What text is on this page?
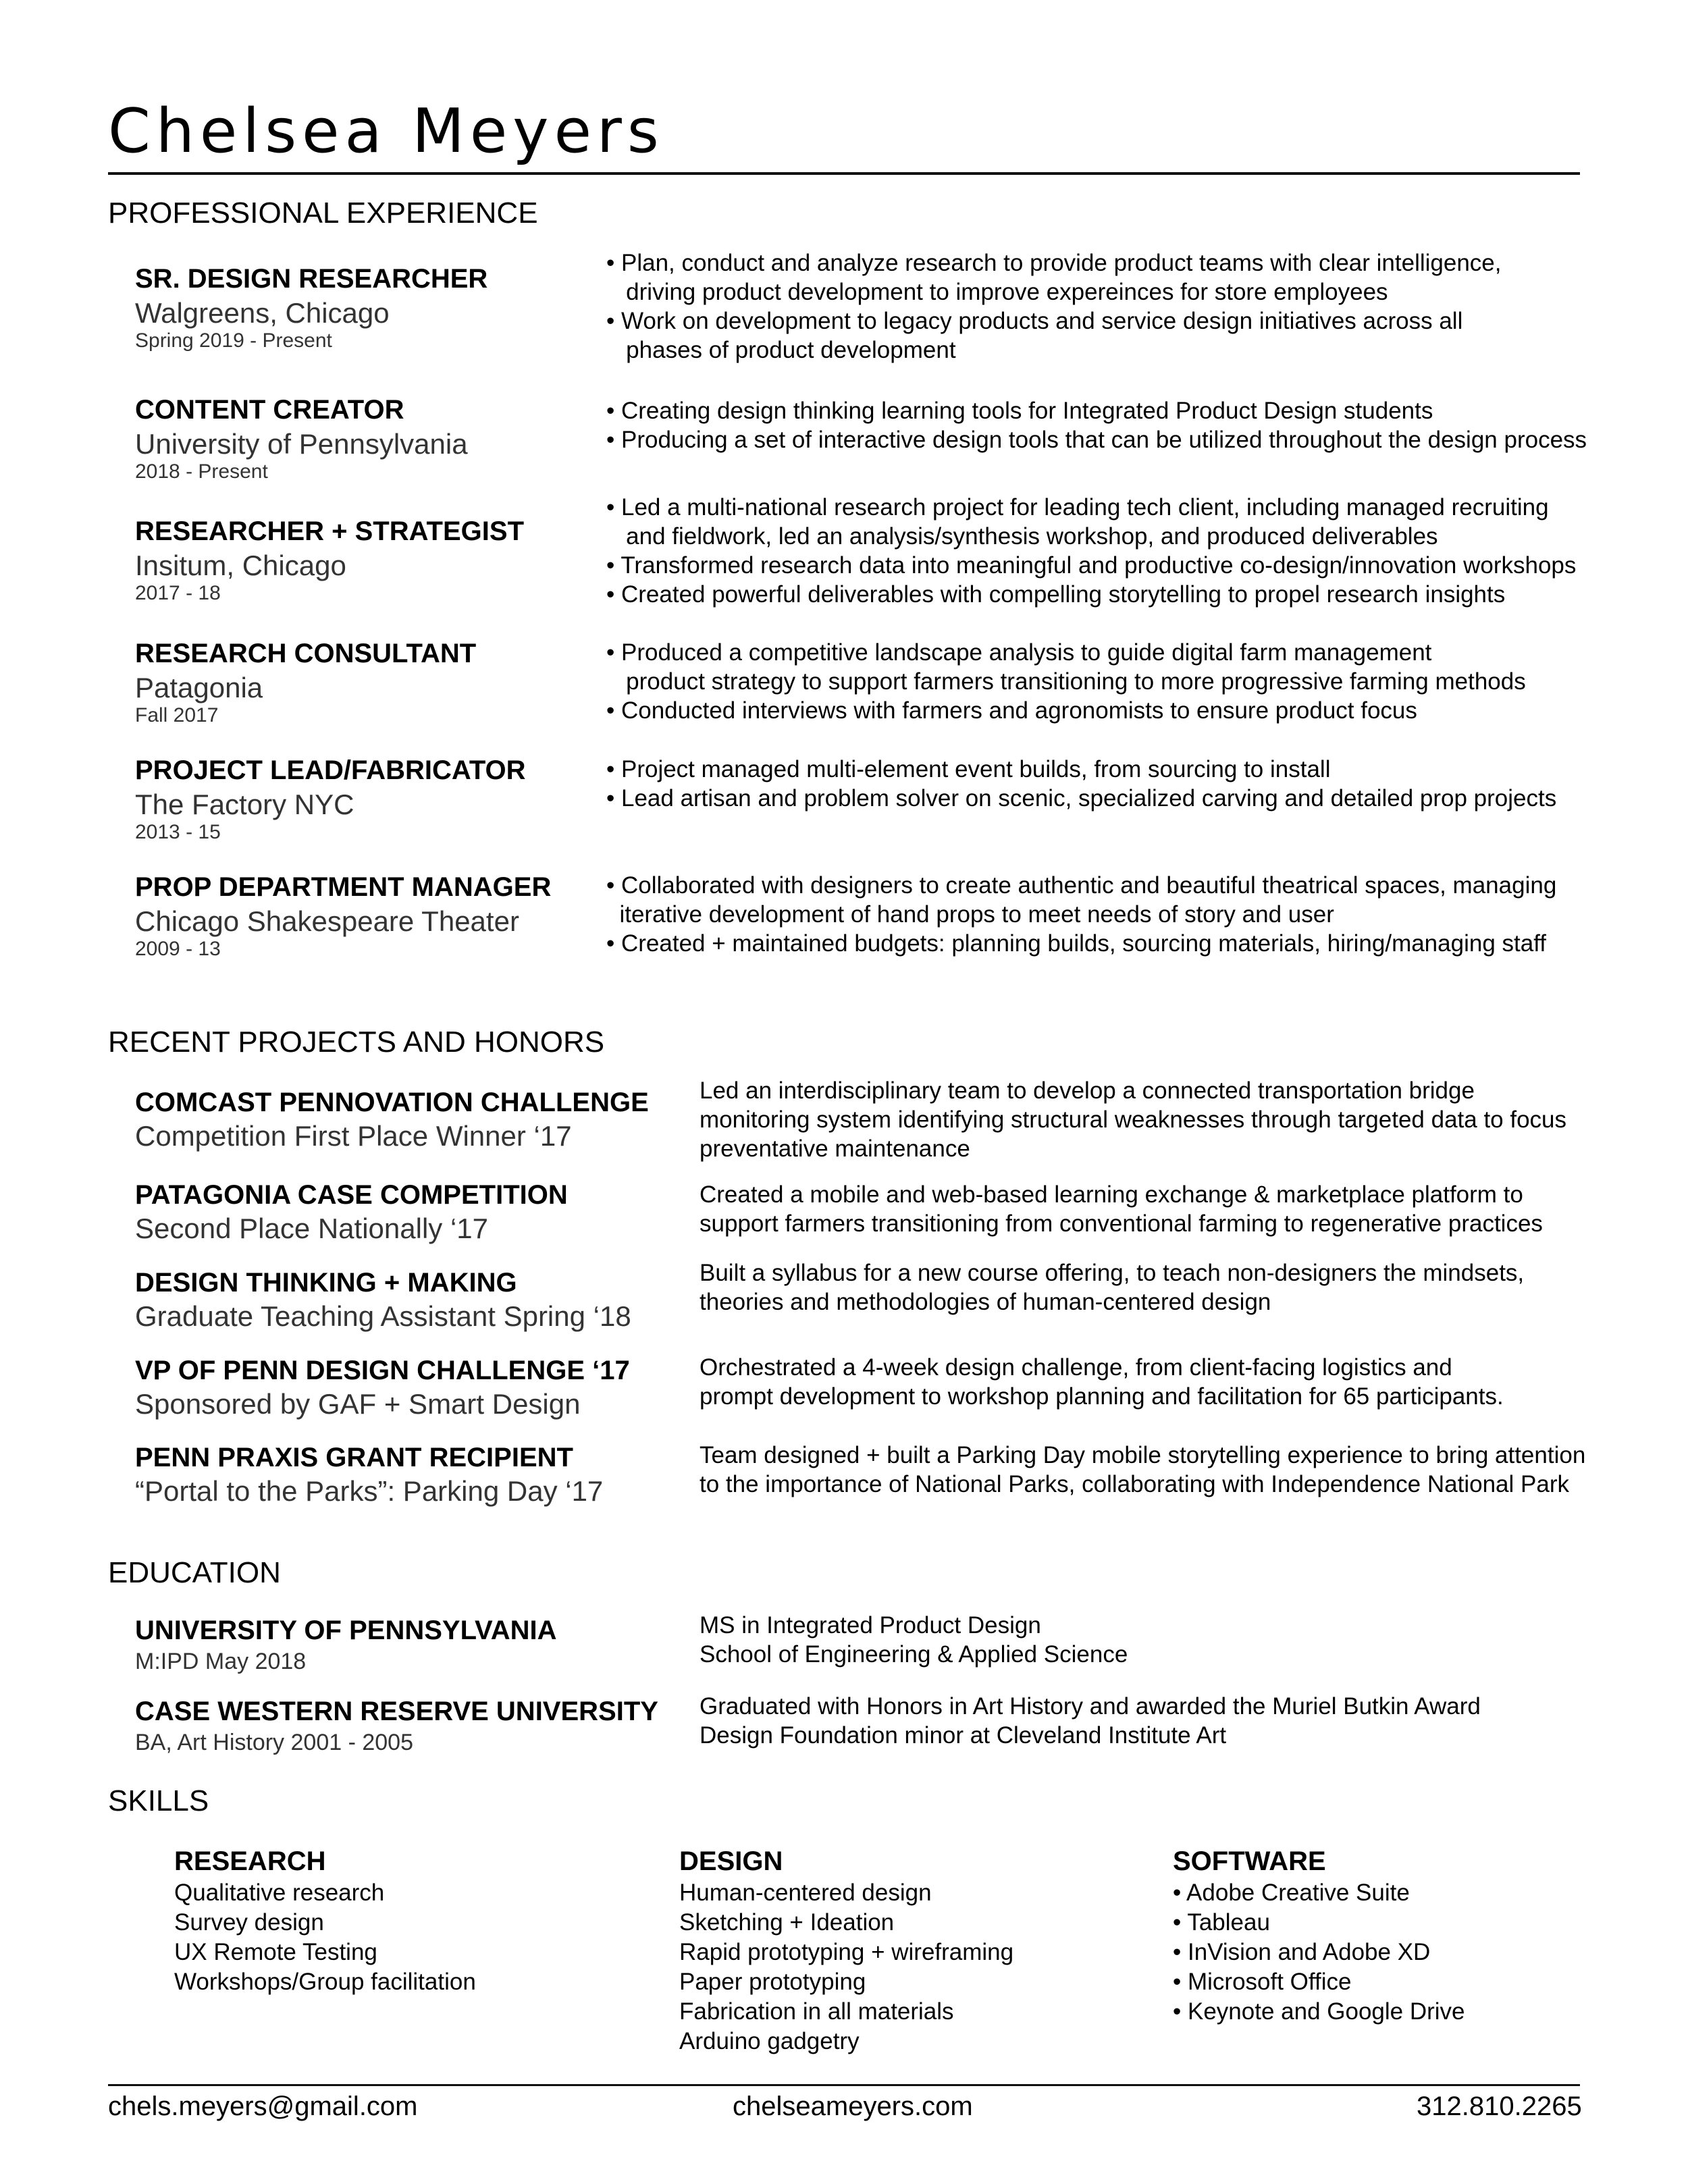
Chelsea Meyers
PROFESSIONAL EXPERIENCE
SR. DESIGN RESEARCHER
Walgreens, Chicago
Spring 2019 - Present
• Plan, conduct and analyze research to provide product teams with clear intelligence,
driving product development to improve expereinces for store employees
• Work on development to legacy products and service design initiatives across all
phases of product development
CONTENT CREATOR
University of Pennsylvania
2018 - Present
• Creating design thinking learning tools for Integrated Product Design students
• Producing a set of interactive design tools that can be utilized throughout the design process
RESEARCHER + STRATEGIST
Insitum, Chicago
2017 - 18
• Led a multi-national research project for leading tech client, including managed recruiting
and fieldwork, led an analysis/synthesis workshop, and produced deliverables
• Transformed research data into meaningful and productive co-design/innovation workshops
• Created powerful deliverables with compelling storytelling to propel research insights
RESEARCH CONSULTANT
Patagonia
Fall 2017
• Produced a competitive landscape analysis to guide digital farm management
product strategy to support farmers transitioning to more progressive farming methods
• Conducted interviews with farmers and agronomists to ensure product focus
PROJECT LEAD/FABRICATOR
The Factory NYC
2013 - 15
• Project managed multi-element event builds, from sourcing to install
• Lead artisan and problem solver on scenic, specialized carving and detailed prop projects
PROP DEPARTMENT MANAGER
Chicago Shakespeare Theater
2009 - 13
• Collaborated with designers to create authentic and beautiful theatrical spaces, managing
iterative development of hand props to meet needs of story and user
• Created + maintained budgets: planning builds, sourcing materials, hiring/managing staff
RECENT PROJECTS AND HONORS
COMCAST PENNOVATION CHALLENGE
Competition First Place Winner ‘17
Led an interdisciplinary team to develop a connected transportation bridge
monitoring system identifying structural weaknesses through targeted data to focus
preventative maintenance
PATAGONIA CASE COMPETITION
Second Place Nationally ‘17
Created a mobile and web-based learning exchange & marketplace platform to
support farmers transitioning from conventional farming to regenerative practices
DESIGN THINKING + MAKING
Graduate Teaching Assistant Spring ‘18
Built a syllabus for a new course offering, to teach non-designers the mindsets,
theories and methodologies of human-centered design
VP OF PENN DESIGN CHALLENGE ‘17
Sponsored by GAF + Smart Design
Orchestrated a 4-week design challenge, from client-facing logistics and
prompt development to workshop planning and facilitation for 65 participants.
PENN PRAXIS GRANT RECIPIENT
“Portal to the Parks”: Parking Day ‘17
Team designed + built a Parking Day mobile storytelling experience to bring attention
to the importance of National Parks, collaborating with Independence National Park
EDUCATION
UNIVERSITY OF PENNSYLVANIA
M:IPD May 2018
MS in Integrated Product Design
School of Engineering & Applied Science
CASE WESTERN RESERVE UNIVERSITY
BA, Art History 2001 - 2005
Graduated with Honors in Art History and awarded the Muriel Butkin Award
Design Foundation minor at Cleveland Institute Art
SKILLS
RESEARCH
Qualitative research
Survey design
UX Remote Testing
Workshops/Group facilitation
DESIGN
Human-centered design
Sketching + Ideation
Rapid prototyping + wireframing
Paper prototyping
Fabrication in all materials
Arduino gadgetry
SOFTWARE
• Adobe Creative Suite
• Tableau
• InVision and Adobe XD
• Microsoft Office
• Keynote and Google Drive
chels.meyers@gmail.com	chelseameyers.com	312.810.2265
